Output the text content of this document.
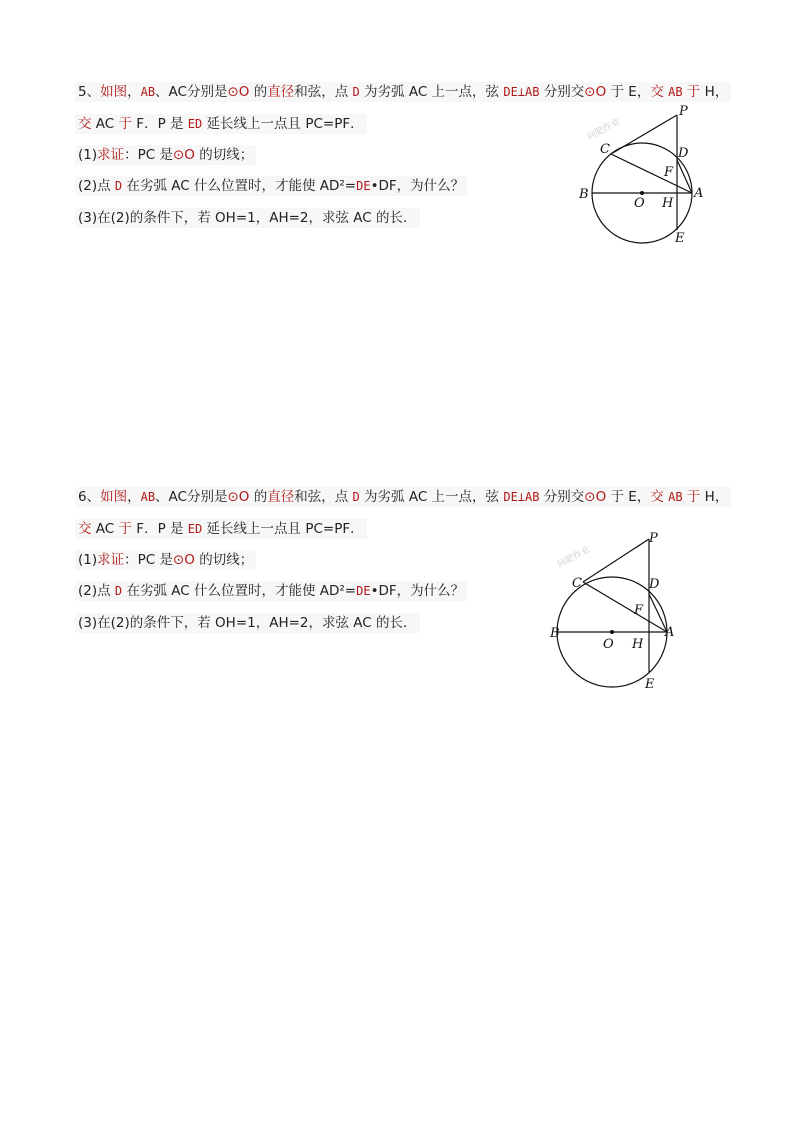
5、如图，AB、AC分别是⊙O 的直径和弦，点 D 为劣弧 AC 上一点，弦 DE⊥AB 分别交⊙O 于 E，交 AB 于 H，
交 AC 于 F．P 是 ED 延长线上一点且 PC=PF．
(1)求证：PC 是⊙O 的切线；
(2)点 D 在劣弧 AC 什么位置时，才能使 AD²=DE•DF，为什么？
(3)在(2)的条件下，若 OH=1，AH=2，求弦 AC 的长．
P
C	D
F
B
O H
A
E
问肥作业
6、如图，AB、AC分别是⊙O 的直径和弦，点 D 为劣弧 AC 上一点，弦 DE⊥AB 分别交⊙O 于 E，交 AB 于 H，
交 AC 于 F．P 是 ED 延长线上一点且 PC=PF．
(1)求证：PC 是⊙O 的切线；
(2)点 D 在劣弧 AC 什么位置时，才能使 AD²=DE•DF，为什么？
(3)在(2)的条件下，若 OH=1，AH=2，求弦 AC 的长．
P
C	D
F
B
O H
A
E
问肥作业
